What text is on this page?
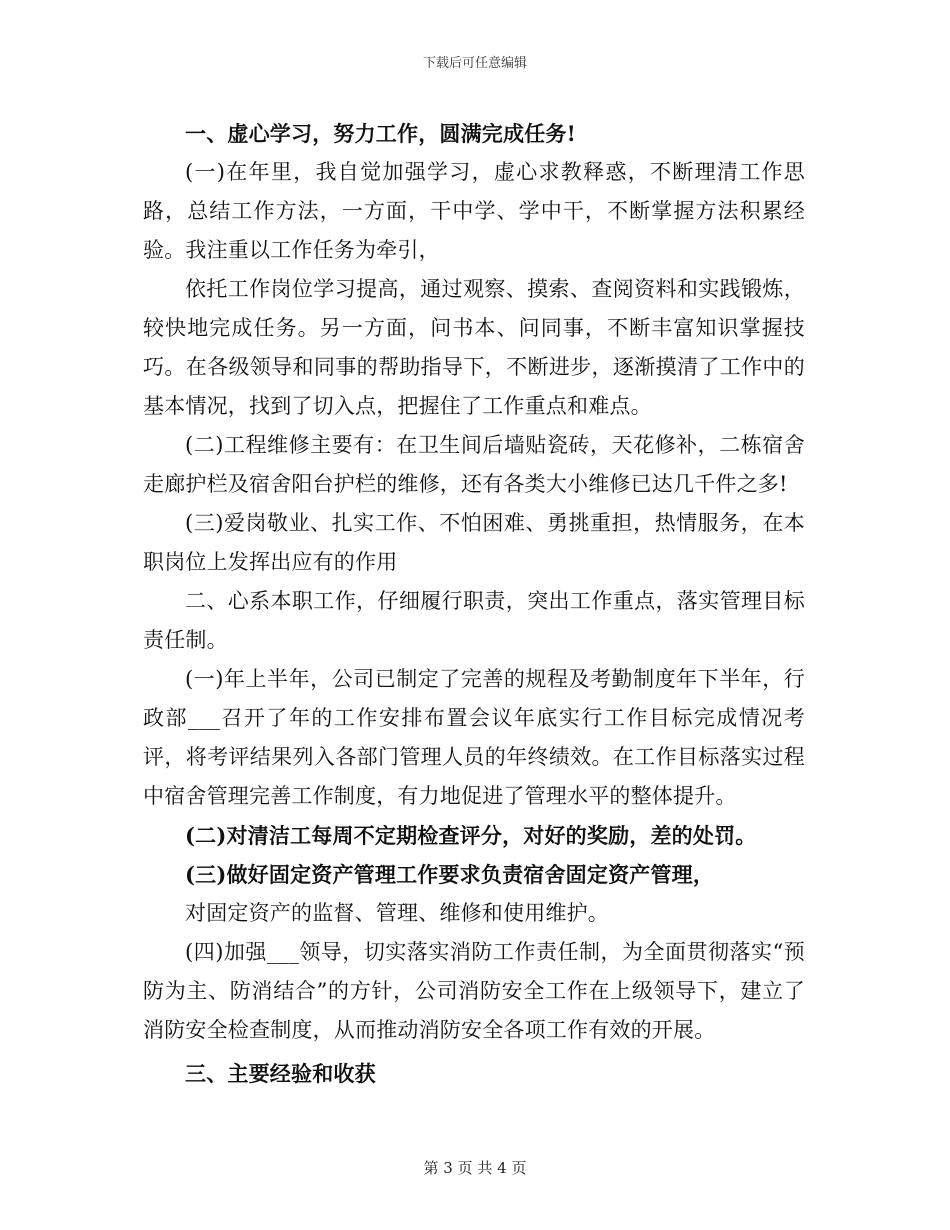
下载后可任意编辑

一、虚心学习，努力工作，圆满完成任务!

(一)在年里，我自觉加强学习，虚心求教释惑，不断理清工作思路，总结工作方法，一方面，干中学、学中干，不断掌握方法积累经验。我注重以工作任务为牵引，

依托工作岗位学习提高，通过观察、摸索、查阅资料和实践锻炼，较快地完成任务。另一方面，问书本、问同事，不断丰富知识掌握技巧。在各级领导和同事的帮助指导下，不断进步，逐渐摸清了工作中的基本情况，找到了切入点，把握住了工作重点和难点。

(二)工程维修主要有：在卫生间后墙贴瓷砖，天花修补，二栋宿舍走廊护栏及宿舍阳台护栏的维修，还有各类大小维修已达几千件之多!

(三)爱岗敬业、扎实工作、不怕困难、勇挑重担，热情服务，在本职岗位上发挥出应有的作用

二、心系本职工作，仔细履行职责，突出工作重点，落实管理目标责任制。

(一)年上半年，公司已制定了完善的规程及考勤制度年下半年，行政部___召开了年的工作安排布置会议年底实行工作目标完成情况考评，将考评结果列入各部门管理人员的年终绩效。在工作目标落实过程中宿舍管理完善工作制度，有力地促进了管理水平的整体提升。

(二)对清洁工每周不定期检查评分，对好的奖励，差的处罚。

(三)做好固定资产管理工作要求负责宿舍固定资产管理，

对固定资产的监督、管理、维修和使用维护。

(四)加强___领导，切实落实消防工作责任制，为全面贯彻落实“预防为主、防消结合”的方针，公司消防安全工作在上级领导下，建立了消防安全检查制度，从而推动消防安全各项工作有效的开展。

三、主要经验和收获

第 3 页 共 4 页
